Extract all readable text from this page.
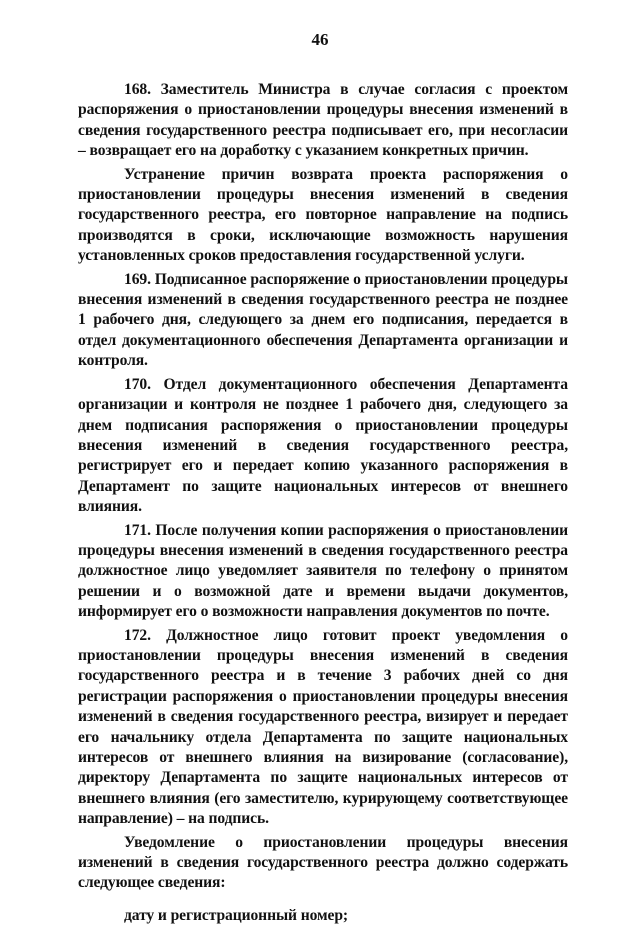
46

168. Заместитель Министра в случае согласия с проектом распоряжения о приостановлении процедуры внесения изменений в сведения государственного реестра подписывает его, при несогласии – возвращает его на доработку с указанием конкретных причин.

Устранение причин возврата проекта распоряжения о приостановлении процедуры внесения изменений в сведения государственного реестра, его повторное направление на подпись производятся в сроки, исключающие возможность нарушения установленных сроков предоставления государственной услуги.

169. Подписанное распоряжение о приостановлении процедуры внесения изменений в сведения государственного реестра не позднее 1 рабочего дня, следующего за днем его подписания, передается в отдел документационного обеспечения Департамента организации и контроля.

170. Отдел документационного обеспечения Департамента организации и контроля не позднее 1 рабочего дня, следующего за днем подписания распоряжения о приостановлении процедуры внесения изменений в сведения государственного реестра, регистрирует его и передает копию указанного распоряжения в Департамент по защите национальных интересов от внешнего влияния.

171. После получения копии распоряжения о приостановлении процедуры внесения изменений в сведения государственного реестра должностное лицо уведомляет заявителя по телефону о принятом решении и о возможной дате и времени выдачи документов, информирует его о возможности направления документов по почте.

172. Должностное лицо готовит проект уведомления о приостановлении процедуры внесения изменений в сведения государственного реестра и в течение 3 рабочих дней со дня регистрации распоряжения о приостановлении процедуры внесения изменений в сведения государственного реестра, визирует и передает его начальнику отдела Департамента по защите национальных интересов от внешнего влияния на визирование (согласование), директору Департамента по защите национальных интересов от внешнего влияния (его заместителю, курирующему соответствующее направление) – на подпись.

Уведомление о приостановлении процедуры внесения изменений в сведения государственного реестра должно содержать следующее сведения:

дату и регистрационный номер;
